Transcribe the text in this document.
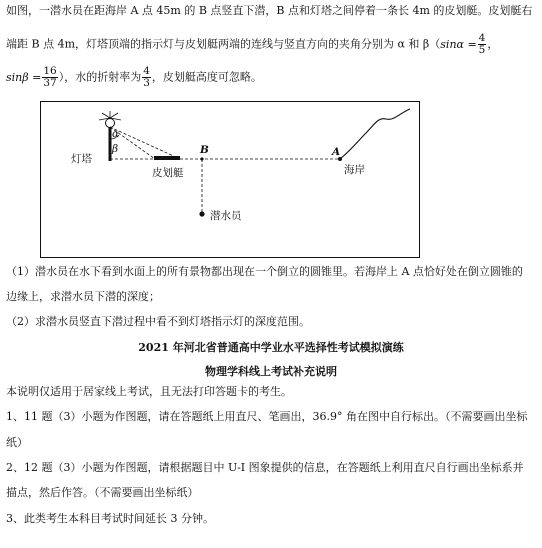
如图，一潜水员在距海岸 A 点 45m 的 B 点竖直下潜，B 点和灯塔之间停着一条长 4m 的皮划艇。皮划艇右
端距 B 点 4m，灯塔顶端的指示灯与皮划艇两端的连线与竖直方向的夹角分别为 α 和 $\beta(\sin\alpha = \frac{4}{5}$ ，
$\sin\beta = \frac{16}{37}$ ），水的折射率为 $\frac{4}{3}$ ，皮划艇高度可忽略。
灯塔
α
β	B	A
皮划艇	海岸
潜水员
（1）潜水员在水下看到水面上的所有景物都出现在一个倒立的圆锥里。若海岸上 A 点恰好处在倒立圆锥的
边缘上，求潜水员下潜的深度；
（2）求潜水员竖直下潜过程中看不到灯塔指示灯的深度范围。
2021 年河北省普通高中学业水平选择性考试模拟演练
物理学科线上考试补充说明
本说明仅适用于居家线上考试，且无法打印答题卡的考生。
1、11 题（3）小题为作图题，请在答题纸上用直尺、笔画出，36.9° 角在图中自行标出。（不需要画出坐标
纸）
2、12 题（3）小题为作图题，请根据题目中 U-I 图象提供的信息，在答题纸上利用直尺自行画出坐标系并
描点，然后作答。（不需要画出坐标纸）
3、此类考生本科目考试时间延长 3 分钟。
